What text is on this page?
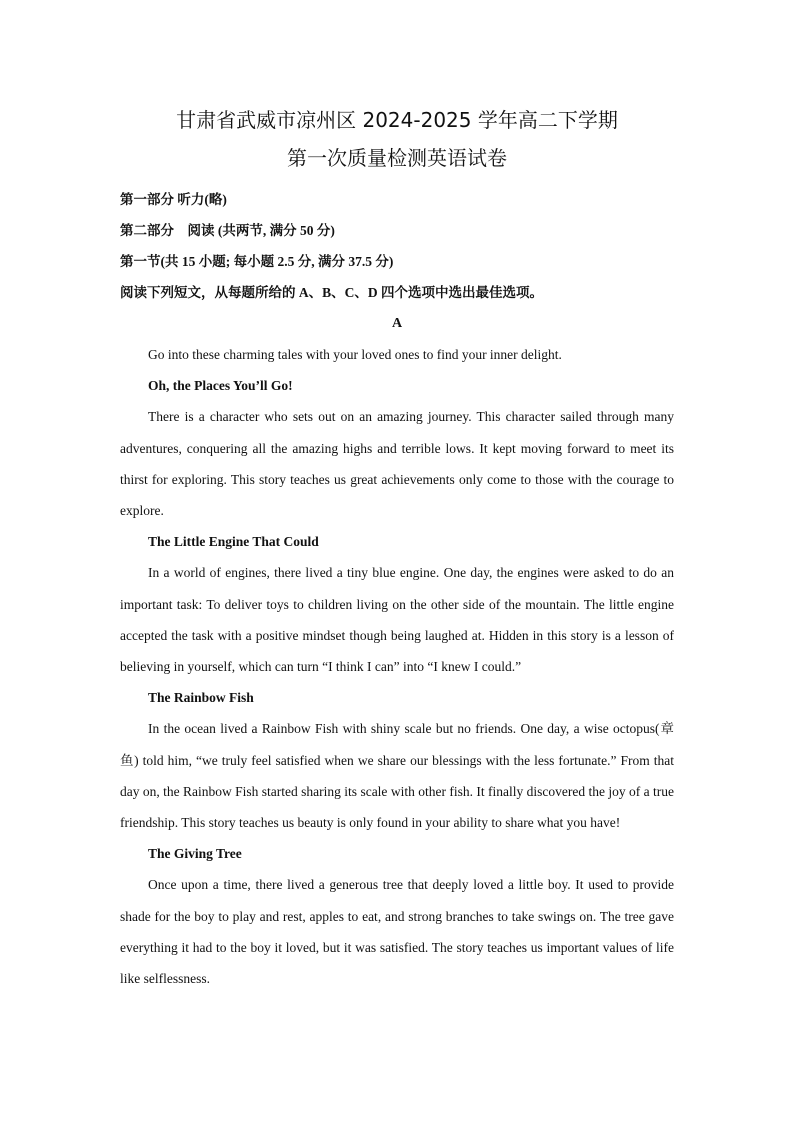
甘肃省武威市凉州区 2024-2025 学年高二下学期
第一次质量检测英语试卷

第一部分 听力(略)

第二部分　阅读 (共两节, 满分 50 分)

第一节(共 15 小题; 每小题 2.5 分, 满分 37.5 分)

阅读下列短文，从每题所给的 A、B、C、D 四个选项中选出最佳选项。

A

Go into these charming tales with your loved ones to find your inner delight.

Oh, the Places You’ll Go!

There is a character who sets out on an amazing journey. This character sailed through many adventures, conquering all the amazing highs and terrible lows. It kept moving forward to meet its thirst for exploring. This story teaches us great achievements only come to those with the courage to explore.

The Little Engine That Could

In a world of engines, there lived a tiny blue engine. One day, the engines were asked to do an important task: To deliver toys to children living on the other side of the mountain. The little engine accepted the task with a positive mindset though being laughed at. Hidden in this story is a lesson of believing in yourself, which can turn “I think I can” into “I knew I could.”

The Rainbow Fish

In the ocean lived a Rainbow Fish with shiny scale but no friends. One day, a wise octopus(章鱼) told him, “we truly feel satisfied when we share our blessings with the less fortunate.” From that day on, the Rainbow Fish started sharing its scale with other fish. It finally discovered the joy of a true friendship. This story teaches us beauty is only found in your ability to share what you have!

The Giving Tree

Once upon a time, there lived a generous tree that deeply loved a little boy. It used to provide shade for the boy to play and rest, apples to eat, and strong branches to take swings on. The tree gave everything it had to the boy it loved, but it was satisfied. The story teaches us important values of life like selflessness.
